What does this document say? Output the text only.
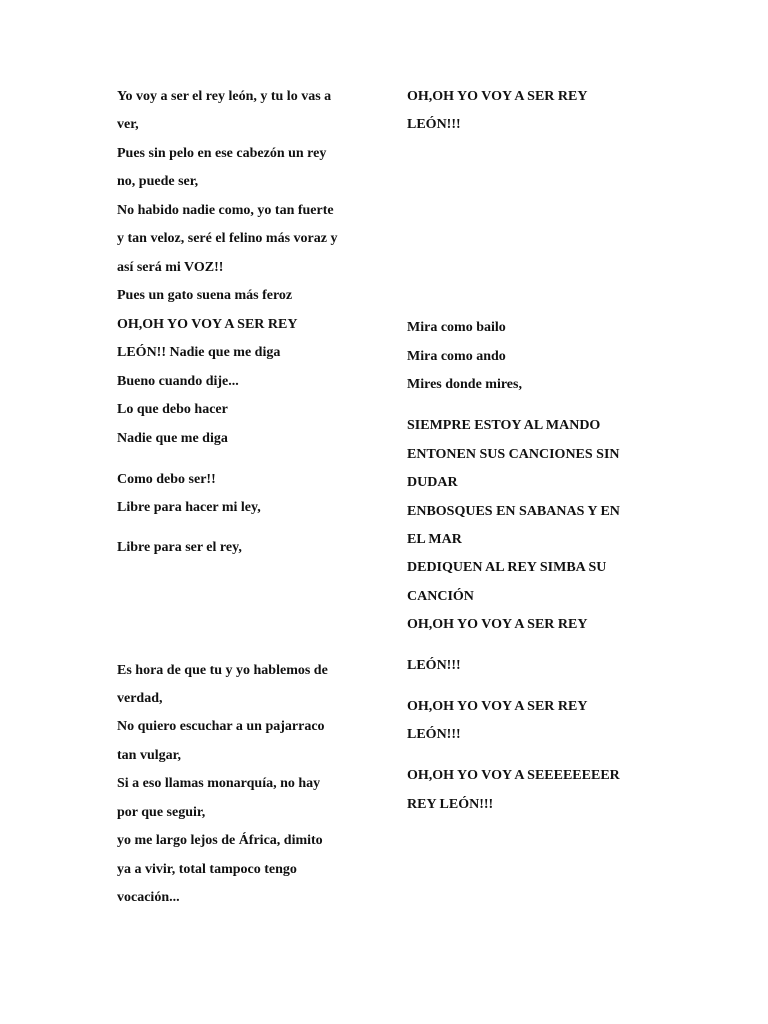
Yo voy a ser el rey león, y tu lo vas a
ver,
Pues sin pelo en ese cabezón un rey
no, puede ser,
No habido nadie como, yo tan fuerte
y tan veloz, seré el felino más voraz y
así será mi VOZ!!
Pues un gato suena más feroz
OH,OH YO VOY A SER REY
LEÓN!! Nadie que me diga
Bueno cuando dije...
Lo que debo hacer
Nadie que me diga
Como debo ser!!
Libre para hacer mi ley,
Libre para ser el rey,
Es hora de que tu y yo hablemos de
verdad,
No quiero escuchar a un pajarraco
tan vulgar,
Si a eso llamas monarquía, no hay
por que seguir,
yo me largo lejos de África, dimito
ya a vivir, total tampoco tengo
vocación...
OH,OH YO VOY A SER REY
LEÓN!!!
Mira como bailo
Mira como ando
Mires donde mires,
SIEMPRE ESTOY AL MANDO
ENTONEN SUS CANCIONES SIN
DUDAR
ENBOSQUES EN SABANAS Y EN
EL MAR
DEDIQUEN AL REY SIMBA SU
CANCIÓN
OH,OH YO VOY A SER REY
LEÓN!!!
OH,OH YO VOY A SER REY
LEÓN!!!
OH,OH YO VOY A SEEEEEEEER
REY LEÓN!!!
